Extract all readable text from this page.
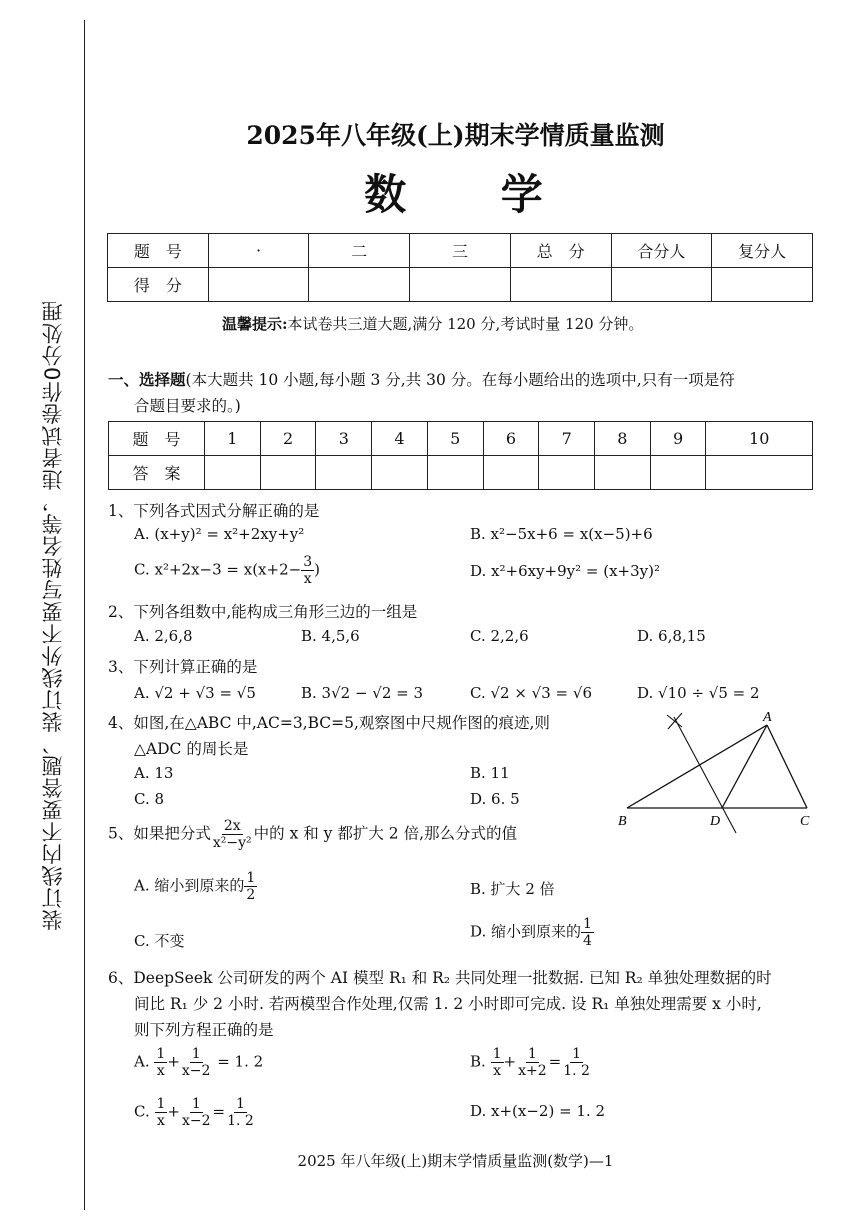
装订线内不要答题、装订线外不要写姓名等，违者试卷作0分处理
2025年八年级(上)期末学情质量监测
数 学
题　号	·	二	三	总　分	合分人	复分人
得　分						
温馨提示:本试卷共三道大题,满分 120 分,考试时量 120 分钟。
一、选择题(本大题共 10 小题,每小题 3 分,共 30 分。在每小题给出的选项中,只有一项是符
合题目要求的。)
题　号	1	2	3	4	5	6	7	8	9	10
答　案										
1、下列各式因式分解正确的是
A. (x+y)² = x²+2xy+y²	B. x²−5x+6 = x(x−5)+6
C. $x^2+2x-3 = x(x+2- \frac{3}{x}$ )	D. x²+6xy+9y² = (x+3y)²
2、下列各组数中,能构成三角形三边的一组是
A. 2,6,8	B. 4,5,6	C. 2,2,6	D. 6,8,15
3、下列计算正确的是
A. √2 + √3 = √5	B. 3√2 − √2 = 3	C. √2 × √3 = √6	D. √10 ÷ √5 = 2
4、如图,在△ABC 中,AC=3,BC=5,观察图中尺规作图的痕迹,则
△ADC 的周长是
A. 13	B. 11
C. 8	D. 6. 5
A
B	C
D
5、如果把分式 $\frac{2x}{\text{x²−y²}}$ 中的 x 和 y 都扩大 2 倍,那么分式的值
A. 缩小到原来的 $\frac{1}{2}$	B. 扩大 2 倍
C. 不变
D. 缩小到原来的 $\frac{1}{4}$
6、DeepSeek 公司研发的两个 AI 模型 R₁ 和 R₂ 共同处理一批数据. 已知 R₂ 单独处理数据的时
间比 R₁ 少 2 小时. 若两模型合作处理,仅需 1. 2 小时即可完成. 设 R₁ 单独处理需要 x 小时,
则下列方程正确的是
A. $\frac{1}{x} + \frac{1}{x-2} = 1$. 2	B. $\frac{1}{x} + \frac{1}{x+2} = \frac{1}{1. 2}$
C. $\frac{1}{x} + \frac{1}{x-2} = \frac{1}{1. 2}$	D. x+(x−2) = 1. 2
2025 年八年级(上)期末学情质量监测(数学)—1
